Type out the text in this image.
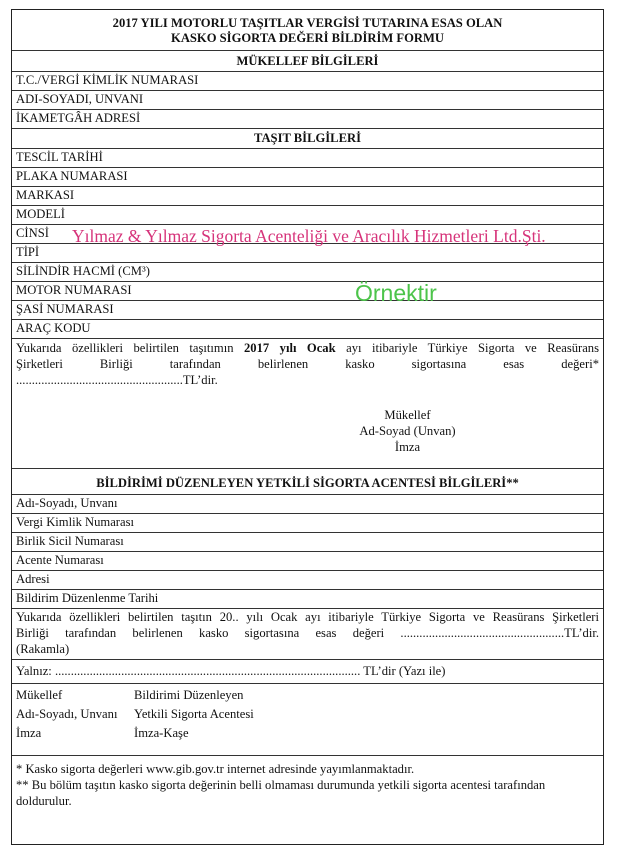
2017 YILI MOTORLU TAŞITLAR VERGİSİ TUTARINA ESAS OLAN
KASKO SİGORTA DEĞERİ BİLDİRİM FORMU
MÜKELLEF BİLGİLERİ
T.C./VERGİ KİMLİK NUMARASI
ADI-SOYADI, UNVANI
İKAMETGÂH ADRESİ
TAŞIT BİLGİLERİ
TESCİL TARİHİ
PLAKA NUMARASI
MARKASI
MODELİ
CİNSİ
TİPİ
SİLİNDİR HACMİ (CM³)
MOTOR NUMARASI
ŞASİ NUMARASI
ARAÇ KODU
Yılmaz & Yılmaz Sigorta Acenteliği ve Aracılık Hizmetleri Ltd.Şti.
Örnektir
Yukarıda özellikleri belirtilen taşıtımın 2017 yılı Ocak ayı itibariyle Türkiye Sigorta ve Reasürans
Şirketleri Birliği tarafından belirlenen kasko sigortasına esas değeri*
.....................................................TL’dir.
Mükellef
Ad-Soyad (Unvan)
İmza
BİLDİRİMİ DÜZENLEYEN YETKİLİ SİGORTA ACENTESİ BİLGİLERİ**
Adı-Soyadı, Unvanı
Vergi Kimlik Numarası
Birlik Sicil Numarası
Acente Numarası
Adresi
Bildirim Düzenlenme Tarihi
Yukarıda özellikleri belirtilen taşıtın 20.. yılı Ocak ayı itibariyle Türkiye Sigorta ve Reasürans Şirketleri
Birliği tarafından belirlenen kasko sigortasına esas değeri ....................................................TL’dir.
(Rakamla)
Yalnız: ................................................................................................. TL’dir (Yazı ile)
Mükellef	Bildirimi Düzenleyen
Adı-Soyadı, Unvanı Yetkili Sigorta Acentesi
İmza	İmza-Kaşe
* Kasko sigorta değerleri www.gib.gov.tr internet adresinde yayımlanmaktadır.
** Bu bölüm taşıtın kasko sigorta değerinin belli olmaması durumunda yetkili sigorta acentesi tarafından
doldurulur.
